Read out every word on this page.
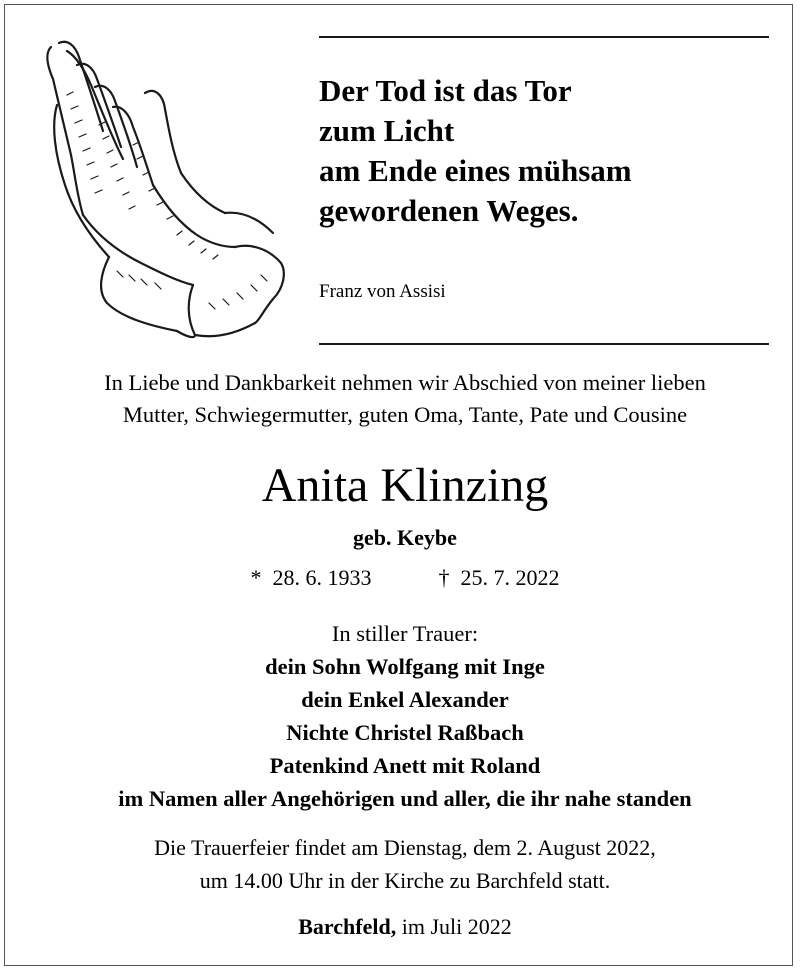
Der Tod ist das Tor
zum Licht
am Ende eines mühsam
gewordenen Weges.
Franz von Assisi
In Liebe und Dankbarkeit nehmen wir Abschied von meiner lieben
Mutter, Schwiegermutter, guten Oma, Tante, Pate und Cousine
Anita Klinzing
geb. Keybe
* 28. 6. 1933	† 25. 7. 2022
In stiller Trauer:
dein Sohn Wolfgang mit Inge
dein Enkel Alexander
Nichte Christel Raßbach
Patenkind Anett mit Roland
im Namen aller Angehörigen und aller, die ihr nahe standen
Die Trauerfeier findet am Dienstag, dem 2. August 2022,
um 14.00 Uhr in der Kirche zu Barchfeld statt.
Barchfeld, im Juli 2022
